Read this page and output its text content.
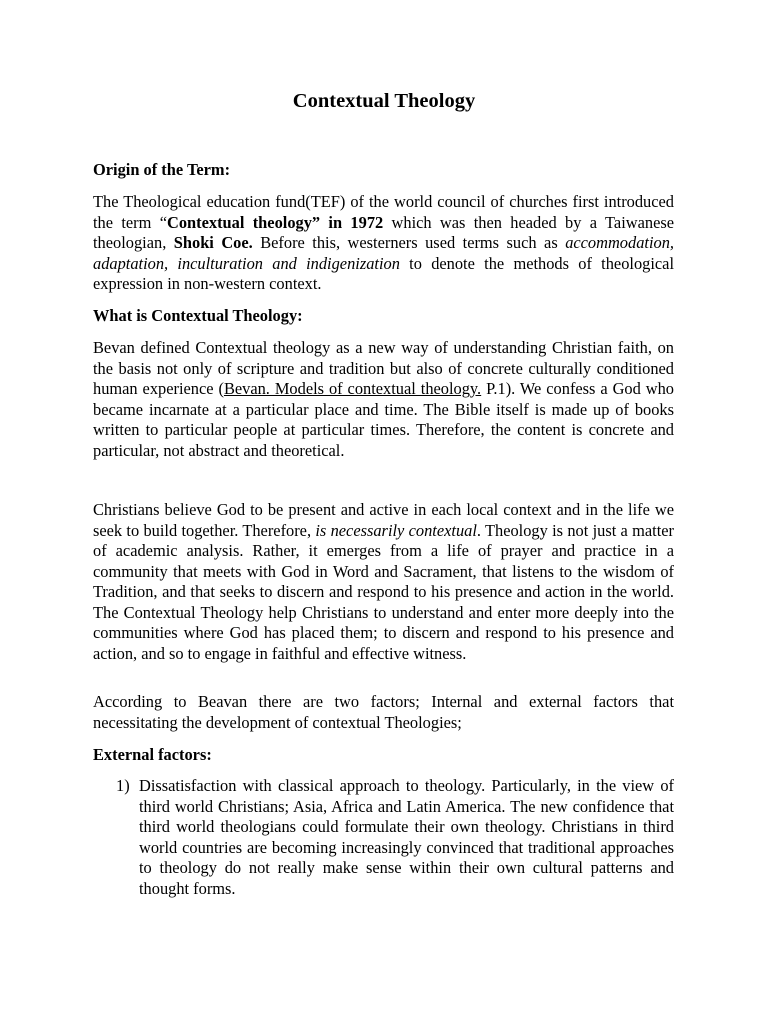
Contextual Theology
Origin of the Term:

The Theological education fund(TEF) of the world council of churches first introduced the term “Contextual theology” in 1972 which was then headed by a Taiwanese theologian, Shoki Coe. Before this, westerners used terms such as accommodation, adaptation, inculturation and indigenization to denote the methods of theological expression in non-western context.

What is Contextual Theology:

Bevan defined Contextual theology as a new way of understanding Christian faith, on the basis not only of scripture and tradition but also of concrete culturally conditioned human experience (Bevan. Models of contextual theology. P.1). We confess a God who became incarnate at a particular place and time. The Bible itself is made up of books written to particular people at particular times. Therefore, the content is concrete and particular, not abstract and theoretical.

Christians believe God to be present and active in each local context and in the life we seek to build together. Therefore, is necessarily contextual. Theology is not just a matter of academic analysis. Rather, it emerges from a life of prayer and practice in a community that meets with God in Word and Sacrament, that listens to the wisdom of Tradition, and that seeks to discern and respond to his presence and action in the world. The Contextual Theology help Christians to understand and enter more deeply into the communities where God has placed them; to discern and respond to his presence and action, and so to engage in faithful and effective witness.

According to Beavan there are two factors; Internal and external factors that necessitating the development of contextual Theologies;

External factors:
1) Dissatisfaction with classical approach to theology. Particularly, in the view of third world Christians; Asia, Africa and Latin America. The new confidence that third world theologians could formulate their own theology. Christians in third world countries are becoming increasingly convinced that traditional approaches to theology do not really make sense within their own cultural patterns and thought forms.
